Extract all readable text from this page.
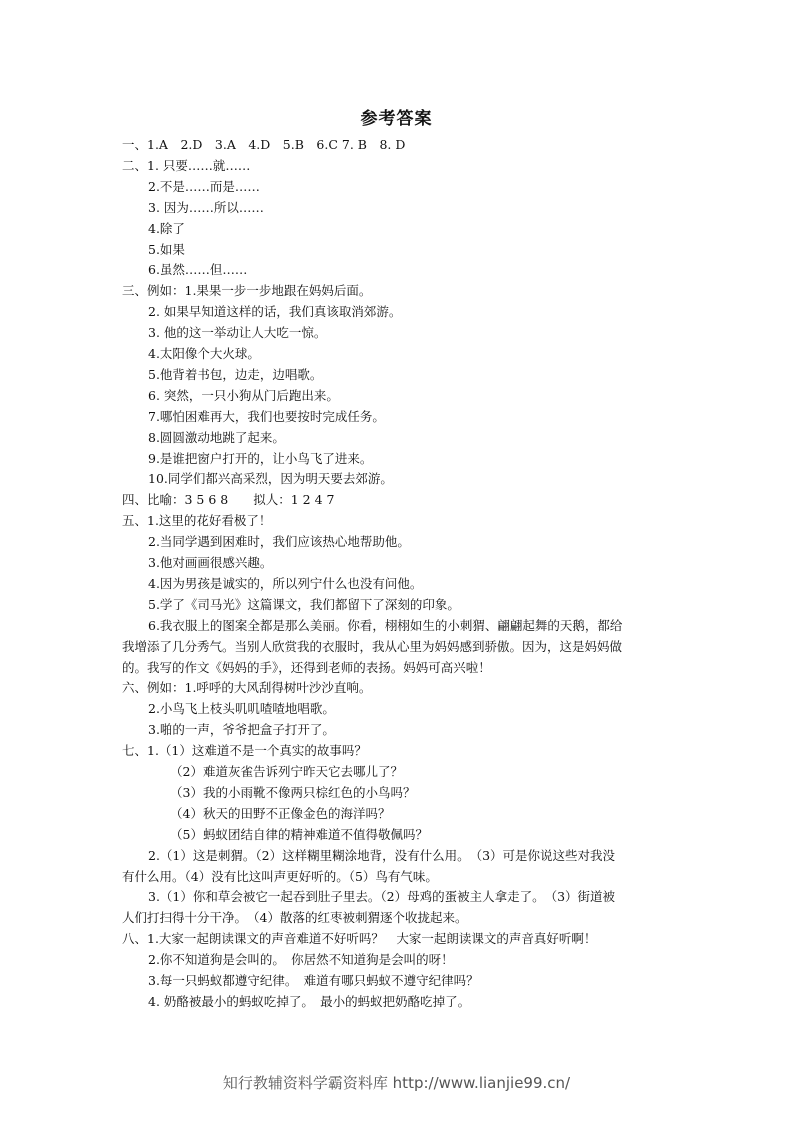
参考答案
一、1.A　2.D　3.A　4.D　5.B　6.C 7. B　8. D
二、1. 只要……就……
2.不是……而是……
3. 因为……所以……
4.除了
5.如果
6.虽然……但……
三、例如：1.果果一步一步地跟在妈妈后面。
2. 如果早知道这样的话，我们真该取消郊游。
3. 他的这一举动让人大吃一惊。
4.太阳像个大火球。
5.他背着书包，边走，边唱歌。
6. 突然，一只小狗从门后跑出来。
7.哪怕困难再大，我们也要按时完成任务。
8.圆圆激动地跳了起来。
9.是谁把窗户打开的，让小鸟飞了进来。
10.同学们都兴高采烈，因为明天要去郊游。
四、比喻：3 5 6 8　　拟人：1 2 4 7
五、1.这里的花好看极了！
2.当同学遇到困难时，我们应该热心地帮助他。
3.他对画画很感兴趣。
4.因为男孩是诚实的，所以列宁什么也没有问他。
5.学了《司马光》这篇课文，我们都留下了深刻的印象。
6.我衣服上的图案全都是那么美丽。你看，栩栩如生的小刺猬、翩翩起舞的天鹅，都给
我增添了几分秀气。当别人欣赏我的衣服时，我从心里为妈妈感到骄傲。因为，这是妈妈做
的。我写的作文《妈妈的手》，还得到老师的表扬。妈妈可高兴啦！
六、例如：1.呼呼的大风刮得树叶沙沙直响。
2.小鸟飞上枝头叽叽喳喳地唱歌。
3.啪的一声，爷爷把盒子打开了。
七、1.（1）这难道不是一个真实的故事吗？
（2）难道灰雀告诉列宁昨天它去哪儿了？
（3）我的小雨靴不像两只棕红色的小鸟吗？
（4）秋天的田野不正像金色的海洋吗？
（5）蚂蚁团结自律的精神难道不值得敬佩吗？
2.（1）这是刺猬。（2）这样糊里糊涂地背，没有什么用。　（3）可是你说这些对我没
有什么用。（4）没有比这叫声更好听的。（5）鸟有气味。
3.（1）你和草会被它一起吞到肚子里去。（2）母鸡的蛋被主人拿走了。　（3）街道被
人们打扫得十分干净。　（4）散落的红枣被刺猬逐个收拢起来。
八、1.大家一起朗读课文的声音难道不好听吗？　大家一起朗读课文的声音真好听啊！
2.你不知道狗是会叫的。　你居然不知道狗是会叫的呀！
3.每一只蚂蚁都遵守纪律。　难道有哪只蚂蚁不遵守纪律吗？
4. 奶酪被最小的蚂蚁吃掉了。　最小的蚂蚁把奶酪吃掉了。
知行教辅资料学霸资料库 http://www.lianjie99.cn/
